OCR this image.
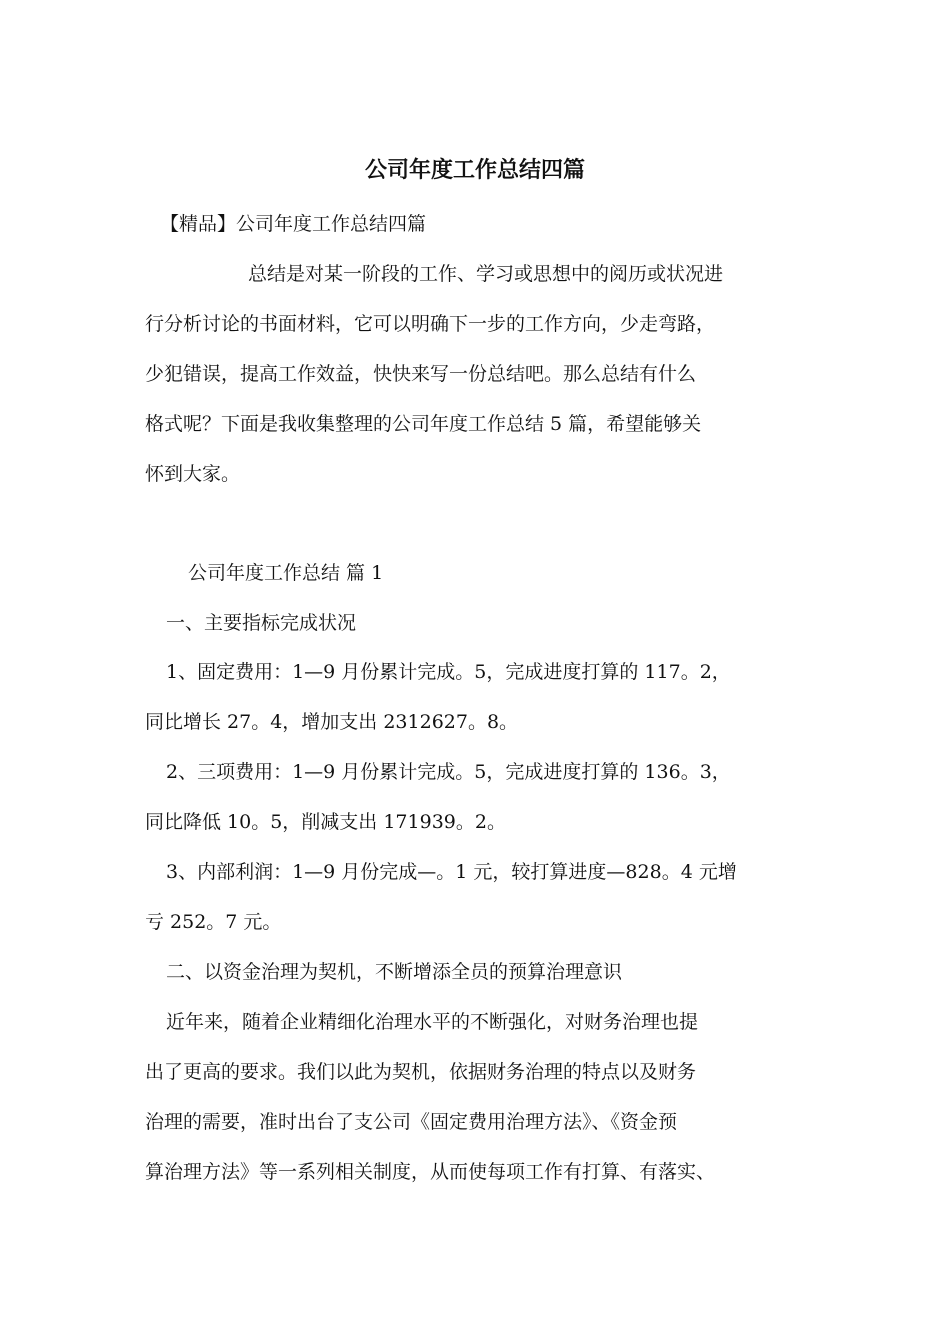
公司年度工作总结四篇

【精品】公司年度工作总结四篇

总结是对某一阶段的工作、学习或思想中的阅历或状况进

行分析讨论的书面材料，它可以明确下一步的工作方向，少走弯路，

少犯错误，提高工作效益，快快来写一份总结吧。那么总结有什么

格式呢？下面是我收集整理的公司年度工作总结 5 篇，希望能够关

怀到大家。

公司年度工作总结 篇 1

一、主要指标完成状况

1、固定费用：1—9 月份累计完成。5，完成进度打算的 117。2，

同比增长 27。4，增加支出 2312627。8。

2、三项费用：1—9 月份累计完成。5，完成进度打算的 136。3，

同比降低 10。5，削减支出 171939。2。

3、内部利润：1—9 月份完成—。1 元，较打算进度—828。4 元增

亏 252。7 元。

二、以资金治理为契机，不断增添全员的预算治理意识

近年来，随着企业精细化治理水平的不断强化，对财务治理也提

出了更高的要求。我们以此为契机，依据财务治理的特点以及财务

治理的需要，准时出台了支公司《固定费用治理方法》、《资金预

算治理方法》等一系列相关制度，从而使每项工作有打算、有落实、
